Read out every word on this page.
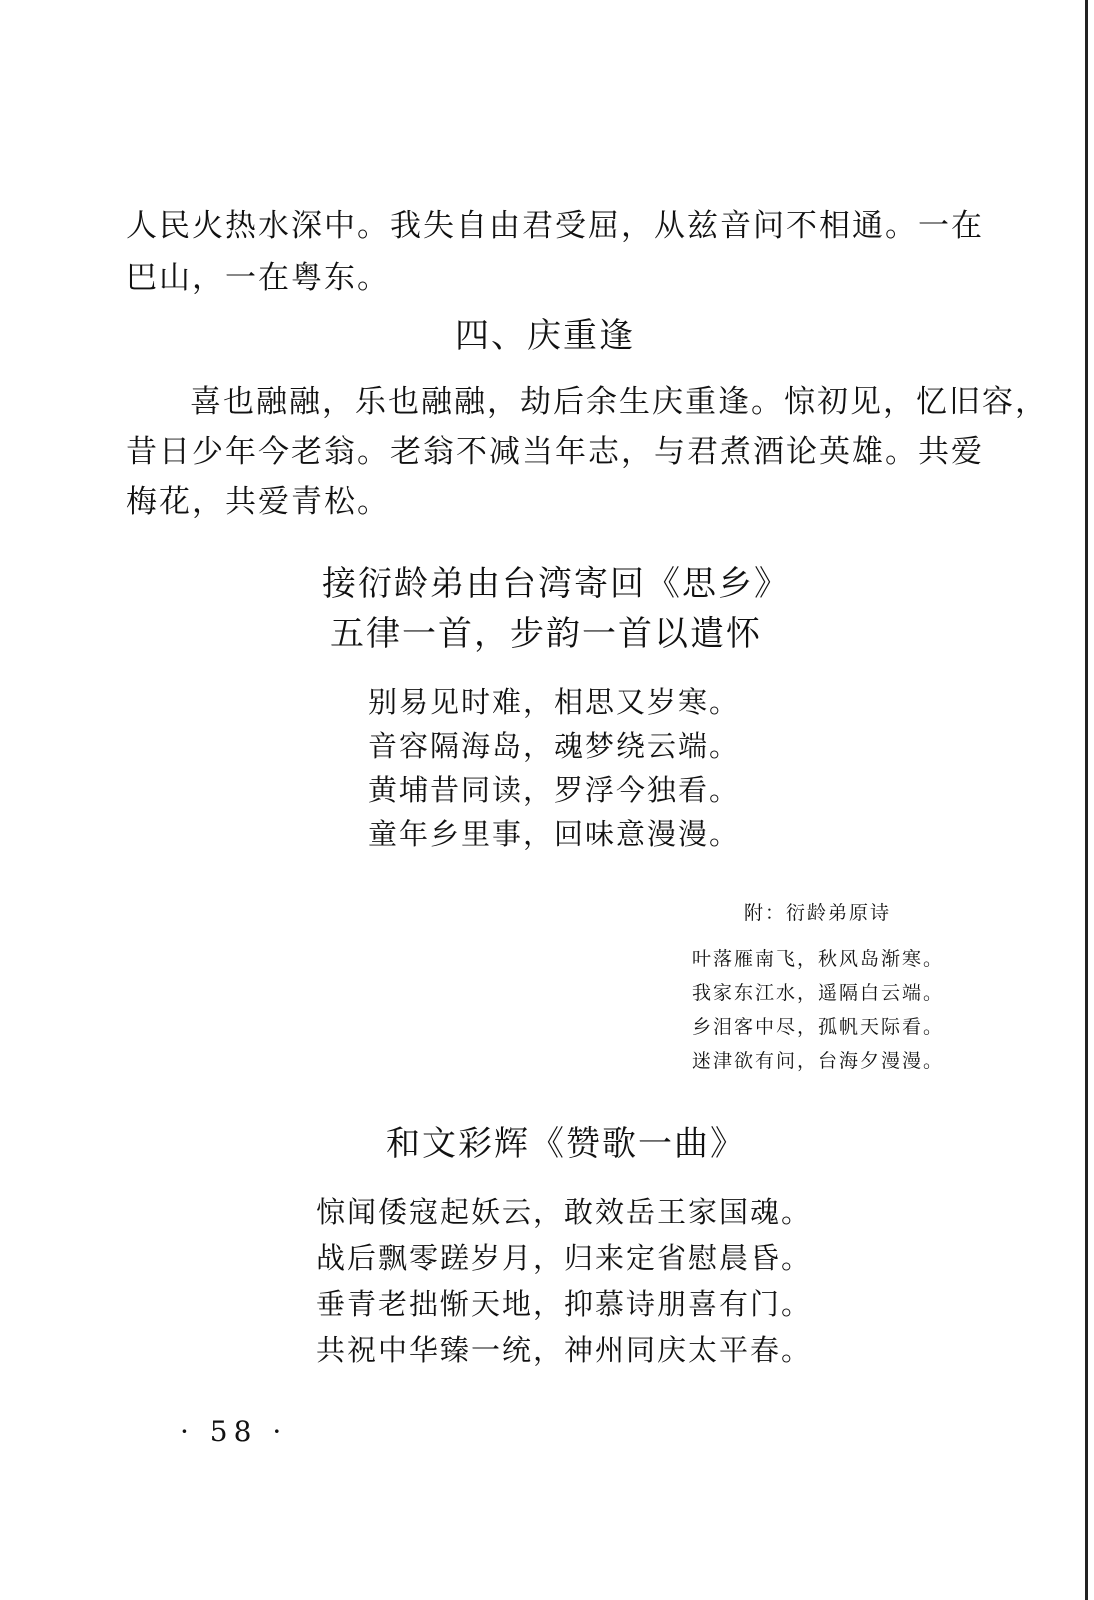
人民火热水深中。我失自由君受屈，从兹音问不相通。一在

巴山，一在粤东。

四、庆重逢

喜也融融，乐也融融，劫后余生庆重逢。惊初见，忆旧容，

昔日少年今老翁。老翁不减当年志，与君煮酒论英雄。共爱

梅花，共爱青松。

接衍龄弟由台湾寄回《思乡》

五律一首，步韵一首以遣怀

别易见时难，相思又岁寒。

音容隔海岛，魂梦绕云端。

黄埔昔同读，罗浮今独看。

童年乡里事，回味意漫漫。

附：衍龄弟原诗

叶落雁南飞，秋风岛渐寒。

我家东江水，遥隔白云端。

乡泪客中尽，孤帆天际看。

迷津欲有问，台海夕漫漫。

和文彩辉《赞歌一曲》

惊闻倭寇起妖云，敢效岳王家国魂。

战后飘零蹉岁月，归来定省慰晨昏。

垂青老拙惭天地，抑慕诗朋喜有门。

共祝中华臻一统，神州同庆太平春。

· 58 ·
